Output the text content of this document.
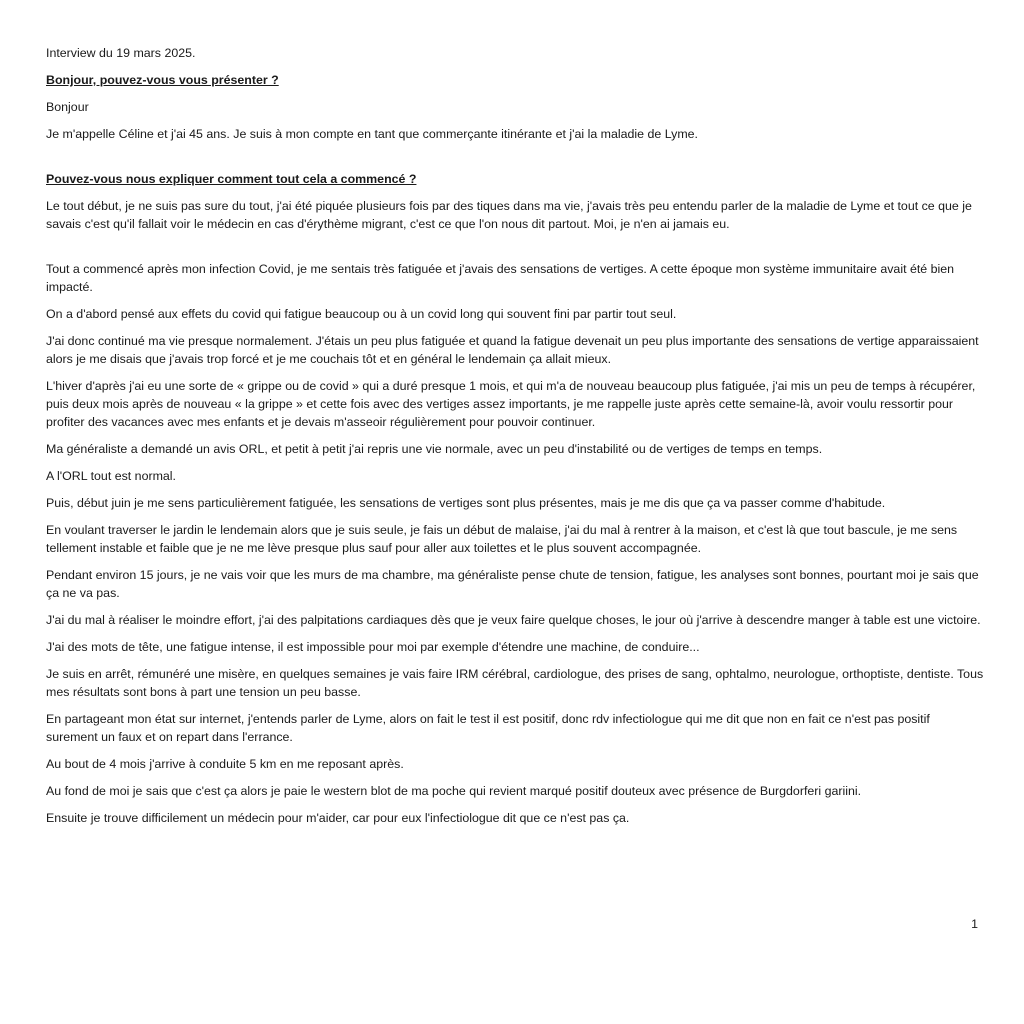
Interview du 19 mars 2025.

Bonjour, pouvez-vous vous présenter ?

Bonjour

Je m'appelle Céline et j'ai 45 ans. Je suis à mon compte en tant que commerçante itinérante et j'ai la maladie de Lyme.

Pouvez-vous nous expliquer comment tout cela a commencé ?

Le tout début, je ne suis pas sure du tout, j'ai été piquée plusieurs fois par des tiques dans ma vie, j'avais très peu entendu parler de la maladie de Lyme et tout ce que je savais c'est qu'il fallait voir le médecin en cas d'érythème migrant, c'est ce que l'on nous dit partout. Moi, je n'en ai jamais eu.

Tout a commencé après mon infection Covid, je me sentais très fatiguée et j'avais des sensations de vertiges. A cette époque mon système immunitaire avait été bien impacté.

On a d'abord pensé aux effets du covid qui fatigue beaucoup ou à un covid long qui souvent fini par partir tout seul.

J'ai donc continué ma vie presque normalement. J'étais un peu plus fatiguée et quand la fatigue devenait un peu plus importante des sensations de vertige apparaissaient alors je me disais que j'avais trop forcé et je me couchais tôt et en général le lendemain ça allait mieux.

L'hiver d'après j'ai eu une sorte de « grippe ou de covid » qui a duré presque 1 mois, et qui m'a de nouveau beaucoup plus fatiguée, j'ai mis un peu de temps à récupérer, puis deux mois après de nouveau « la grippe » et cette fois avec des vertiges assez importants, je me rappelle juste après cette semaine-là, avoir voulu ressortir pour profiter des vacances avec mes enfants et je devais m'asseoir régulièrement pour pouvoir continuer.

Ma généraliste a demandé un avis ORL, et petit à petit j'ai repris une vie normale, avec un peu d'instabilité ou de vertiges de temps en temps.

A l'ORL tout est normal.

Puis, début juin je me sens particulièrement fatiguée, les sensations de vertiges sont plus présentes, mais je me dis que ça va passer comme d'habitude.

En voulant traverser le jardin le lendemain alors que je suis seule, je fais un début de malaise, j'ai du mal à rentrer à la maison, et c'est là que tout bascule, je me sens tellement instable et faible que je ne me lève presque plus sauf pour aller aux toilettes et le plus souvent accompagnée.

Pendant environ 15 jours, je ne vais voir que les murs de ma chambre, ma généraliste pense chute de tension, fatigue, les analyses sont bonnes, pourtant moi je sais que ça ne va pas.

J'ai du mal à réaliser le moindre effort, j'ai des palpitations cardiaques dès que je veux faire quelque choses, le jour où j'arrive à descendre manger à table est une victoire.

J'ai des mots de tête, une fatigue intense, il est impossible pour moi par exemple d'étendre une machine, de conduire...

Je suis en arrêt, rémunéré une misère, en quelques semaines je vais faire IRM cérébral, cardiologue, des prises de sang, ophtalmo, neurologue, orthoptiste, dentiste. Tous mes résultats sont bons à part une tension un peu basse.

En partageant mon état sur internet, j'entends parler de Lyme, alors on fait le test il est positif, donc rdv infectiologue qui me dit que non en fait ce n'est pas positif surement un faux et on repart dans l'errance.

Au bout de 4 mois j'arrive à conduite 5 km en me reposant après.

Au fond de moi je sais que c'est ça alors je paie le western blot de ma poche qui revient marqué positif douteux avec présence de Burgdorferi gariini.

Ensuite je trouve difficilement un médecin pour m'aider, car pour eux l'infectiologue dit que ce n'est pas ça.

1
